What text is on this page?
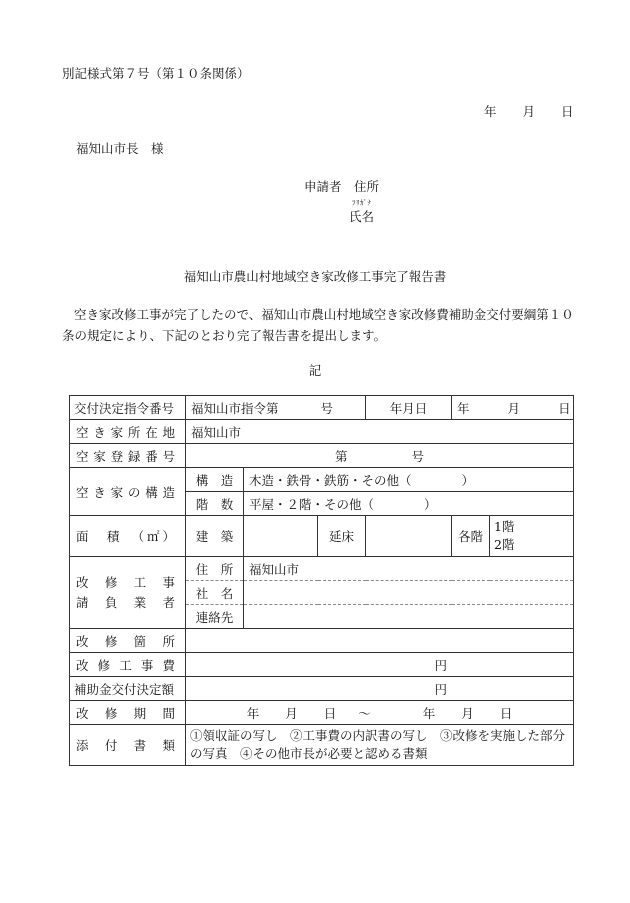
別記様式第７号（第１０条関係）
年 月 日
福知山市長　様
申請者　住所
ﾌﾘｶﾞﾅ
氏名
福知山市農山村地域空き家改修工事完了報告書
空き家改修工事が完了したので、福知山市農山村地域空き家改修費補助金交付要綱第１０条の規定により、下記のとおり完了報告書を提出します。
記
交付決定指令番号	福知山市指令第 号			年月日	年 月 日	
空き家所在地	福知山市					
空家登録番号	第 号					
空き家の構造	構　造	木造・鉄骨・鉄筋・その他（　　　　）				
	階　数	平屋・２階・その他（　　　　）				
面　積　（㎡）	建　築		延床		各階	1階
2階

改　修　工　事
請　負　業　者	住　所	福知山市				
	社　名					
	連絡先					
改修箇所						
改修工事費	円					
補助金交付決定額	円					
改修期間	年 月 日 ～ 年 月 日					
添付書類	①領収証の写し　②工事費の内訳書の写し　③改修を実施した部分の写真　④その他市長が必要と認める書類					
